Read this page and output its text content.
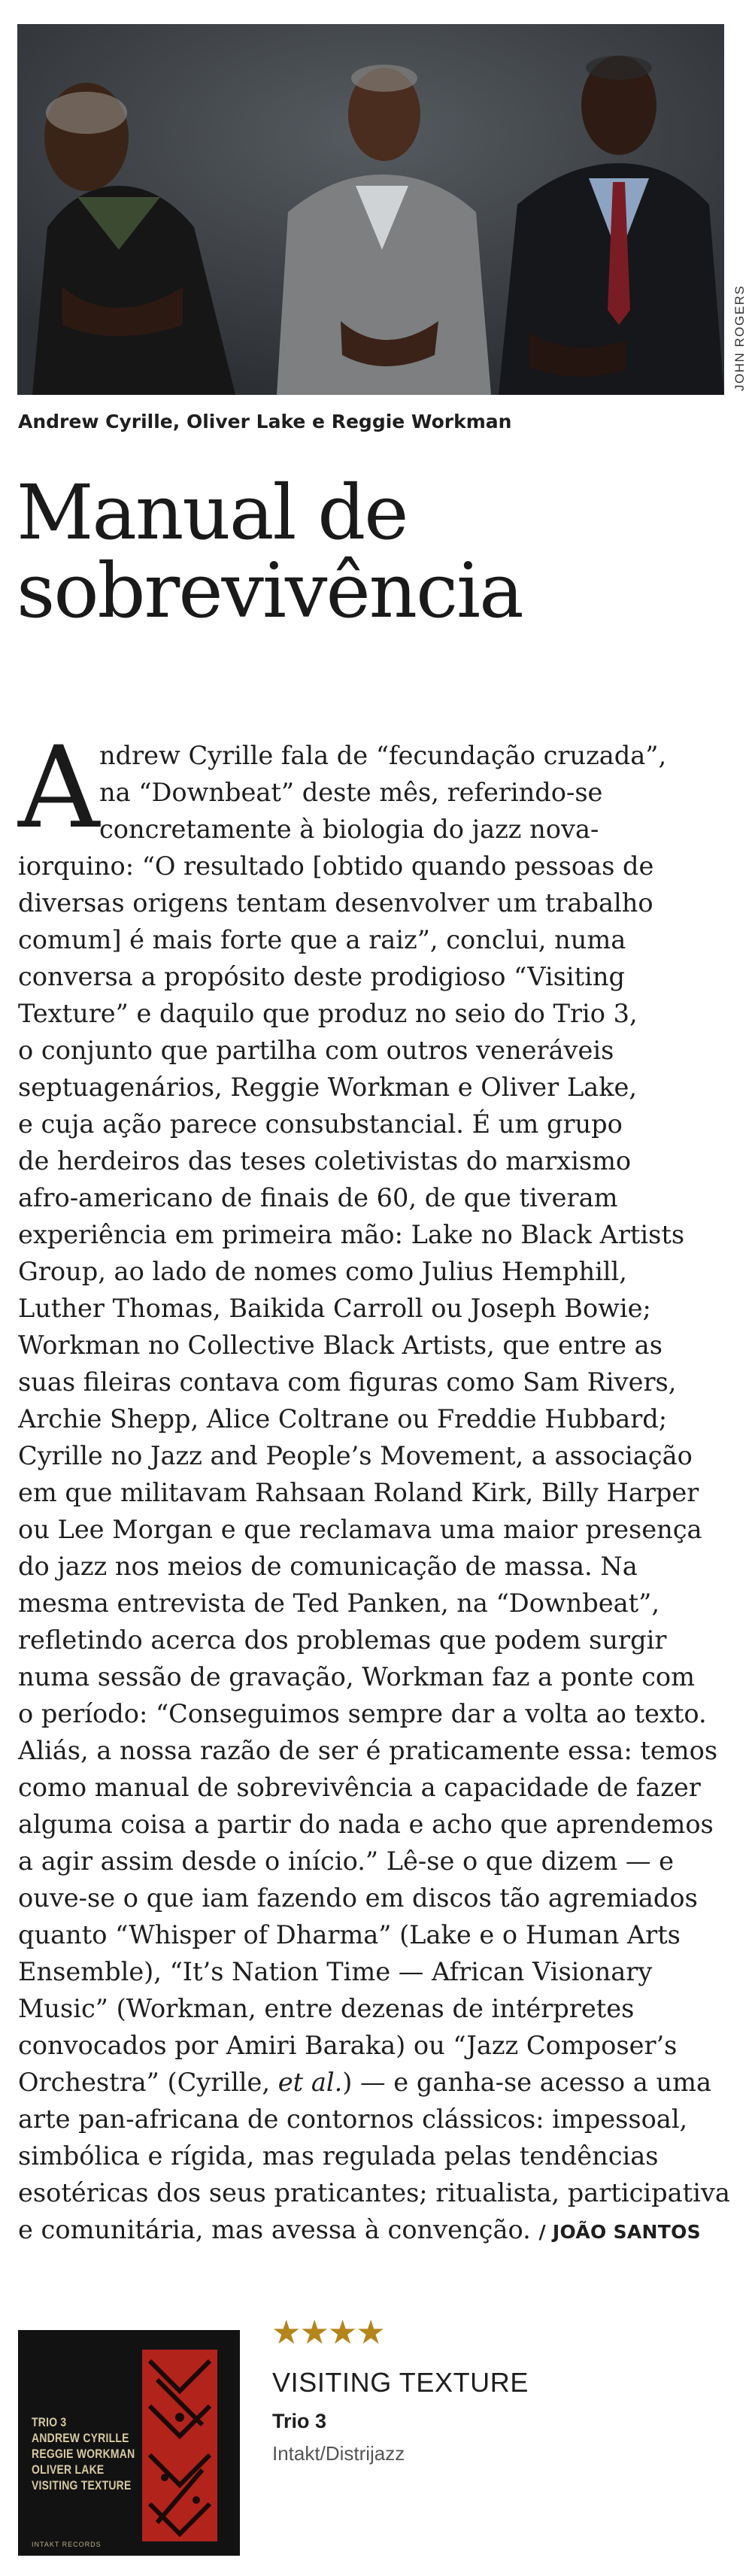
JOHN ROGERS
Andrew Cyrille, Oliver Lake e Reggie Workman
Manual de
sobrevivência
A ndrew Cyrille fala de “fecundação cruzada”,
na “Downbeat” deste mês, referindo-se
concretamente à biologia do jazz nova-
iorquino: “O resultado [obtido quando pessoas de
diversas origens tentam desenvolver um trabalho
comum] é mais forte que a raiz”, conclui, numa
conversa a propósito deste prodigioso “Visiting
Texture” e daquilo que produz no seio do Trio 3,
o conjunto que partilha com outros veneráveis
septuagenários, Reggie Workman e Oliver Lake,
e cuja ação parece consubstancial. É um grupo
de herdeiros das teses coletivistas do marxismo
afro-americano de finais de 60, de que tiveram
experiência em primeira mão: Lake no Black Artists
Group, ao lado de nomes como Julius Hemphill,
Luther Thomas, Baikida Carroll ou Joseph Bowie;
Workman no Collective Black Artists, que entre as
suas fileiras contava com figuras como Sam Rivers,
Archie Shepp, Alice Coltrane ou Freddie Hubbard;
Cyrille no Jazz and People’s Movement, a associação
em que militavam Rahsaan Roland Kirk, Billy Harper
ou Lee Morgan e que reclamava uma maior presença
do jazz nos meios de comunicação de massa. Na
mesma entrevista de Ted Panken, na “Downbeat”,
refletindo acerca dos problemas que podem surgir
numa sessão de gravação, Workman faz a ponte com
o período: “Conseguimos sempre dar a volta ao texto.
Aliás, a nossa razão de ser é praticamente essa: temos
como manual de sobrevivência a capacidade de fazer
alguma coisa a partir do nada e acho que aprendemos
a agir assim desde o início.” Lê-se o que dizem — e
ouve-se o que iam fazendo em discos tão agremiados
quanto “Whisper of Dharma” (Lake e o Human Arts
Ensemble), “It’s Nation Time — African Visionary
Music” (Workman, entre dezenas de intérpretes
convocados por Amiri Baraka) ou “Jazz Composer’s
Orchestra” (Cyrille, et al.) — e ganha-se acesso a uma
arte pan-africana de contornos clássicos: impessoal,
simbólica e rígida, mas regulada pelas tendências
esotéricas dos seus praticantes; ritualista, participativa
e comunitária, mas avessa à convenção. / JOÃO SANTOS
TRIO 3
ANDREW CYRILLE
REGGIE WORKMAN
OLIVER LAKE
VISITING TEXTURE
INTAKT RECORDS
★★★★
VISITING TEXTURE
Trio 3
Intakt/Distrijazz
